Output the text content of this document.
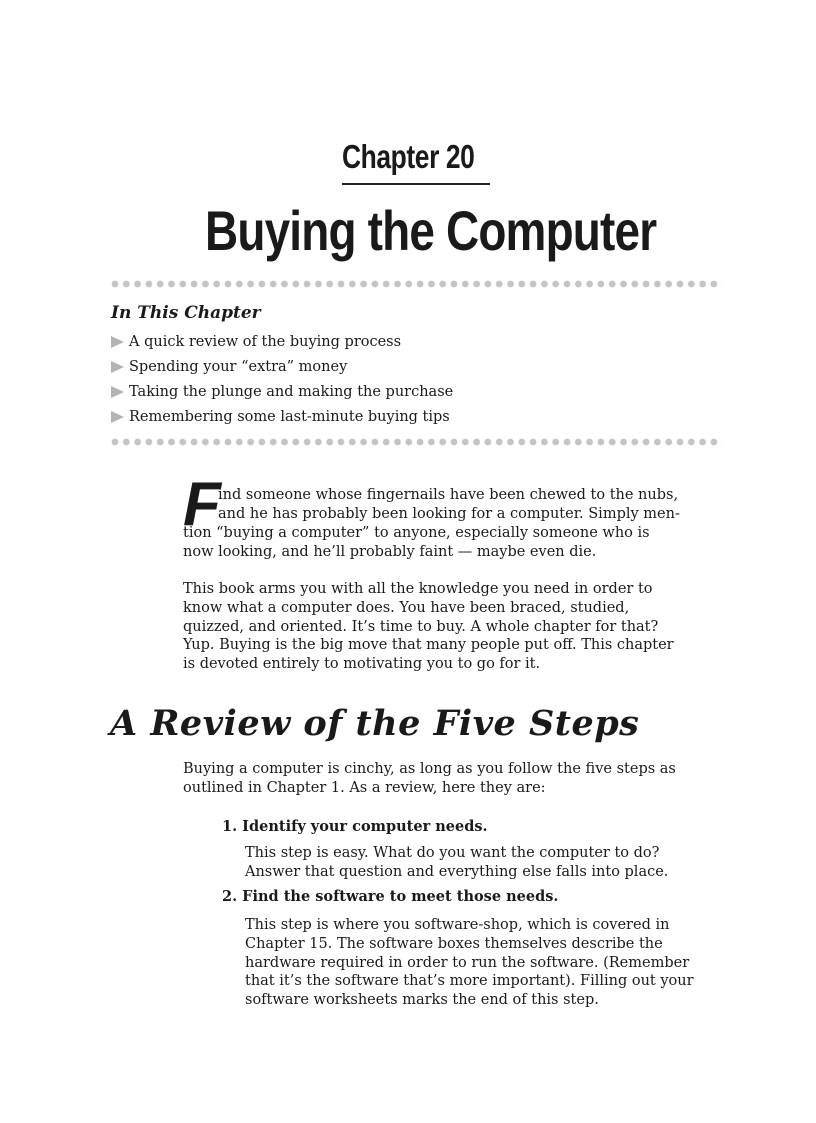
Chapter 20
Buying the Computer
In This Chapter
A quick review of the buying process
Spending your “extra” money
Taking the plunge and making the purchase
Remembering some last-minute buying tips
F
ind someone whose fingernails have been chewed to the nubs,
and he has probably been looking for a computer. Simply men-

tion “buying a computer” to anyone, especially someone who is
now looking, and he’ll probably faint — maybe even die.

This book arms you with all the knowledge you need in order to
know what a computer does. You have been braced, studied,
quizzed, and oriented. It’s time to buy. A whole chapter for that?
Yup. Buying is the big move that many people put off. This chapter
is devoted entirely to motivating you to go for it.

A Review of the Five Steps

Buying a computer is cinchy, as long as you follow the five steps as
outlined in Chapter 1. As a review, here they are:

1. Identify your computer needs.

This step is easy. What do you want the computer to do?
Answer that question and everything else falls into place.

2. Find the software to meet those needs.

This step is where you software-shop, which is covered in
Chapter 15. The software boxes themselves describe the
hardware required in order to run the software. (Remember
that it’s the software that’s more important). Filling out your
software worksheets marks the end of this step.
